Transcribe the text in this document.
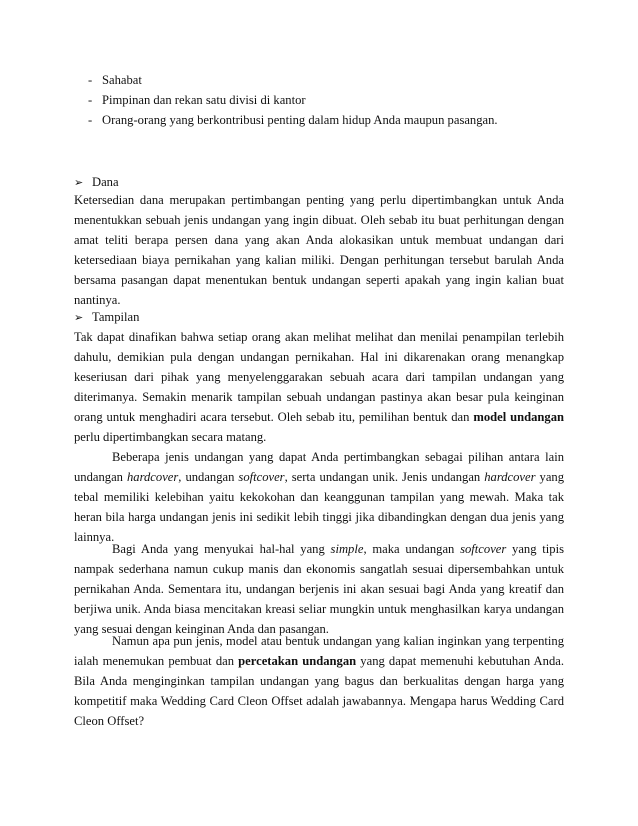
- Sahabat
- Pimpinan dan rekan satu divisi di kantor
- Orang-orang yang berkontribusi penting dalam hidup Anda maupun pasangan.
➢ Dana
Ketersedian dana merupakan pertimbangan penting yang perlu dipertimbangkan untuk Anda
menentukkan sebuah jenis undangan yang ingin dibuat. Oleh sebab itu buat perhitungan dengan
amat teliti berapa persen dana yang akan Anda alokasikan untuk membuat undangan dari
ketersediaan biaya pernikahan yang kalian miliki. Dengan perhitungan tersebut barulah Anda
bersama pasangan dapat menentukan bentuk undangan seperti apakah yang ingin kalian buat
nantinya.
➢ Tampilan
Tak dapat dinafikan bahwa setiap orang akan melihat melihat dan menilai penampilan terlebih
dahulu, demikian pula dengan undangan pernikahan. Hal ini dikarenakan orang menangkap
keseriusan dari pihak yang menyelenggarakan sebuah acara dari tampilan undangan yang
diterimanya. Semakin menarik tampilan sebuah undangan pastinya akan besar pula keinginan
orang untuk menghadiri acara tersebut. Oleh sebab itu, pemilihan bentuk dan model undangan
perlu dipertimbangkan secara matang.
Beberapa jenis undangan yang dapat Anda pertimbangkan sebagai pilihan antara lain
undangan hardcover, undangan softcover, serta undangan unik. Jenis undangan hardcover yang
tebal memiliki kelebihan yaitu kekokohan dan keanggunan tampilan yang mewah. Maka tak
heran bila harga undangan jenis ini sedikit lebih tinggi jika dibandingkan dengan dua jenis yang
lainnya.
Bagi Anda yang menyukai hal-hal yang simple, maka undangan softcover yang tipis
nampak sederhana namun cukup manis dan ekonomis sangatlah sesuai dipersembahkan untuk
pernikahan Anda. Sementara itu, undangan berjenis ini akan sesuai bagi Anda yang kreatif dan
berjiwa unik. Anda biasa mencitakan kreasi seliar mungkin untuk menghasilkan karya undangan
yang sesuai dengan keinginan Anda dan pasangan.
Namun apa pun jenis, model atau bentuk undangan yang kalian inginkan yang terpenting
ialah menemukan pembuat dan percetakan undangan yang dapat memenuhi kebutuhan Anda.
Bila Anda menginginkan tampilan undangan yang bagus dan berkualitas dengan harga yang
kompetitif maka Wedding Card Cleon Offset adalah jawabannya. Mengapa harus Wedding Card
Cleon Offset?
